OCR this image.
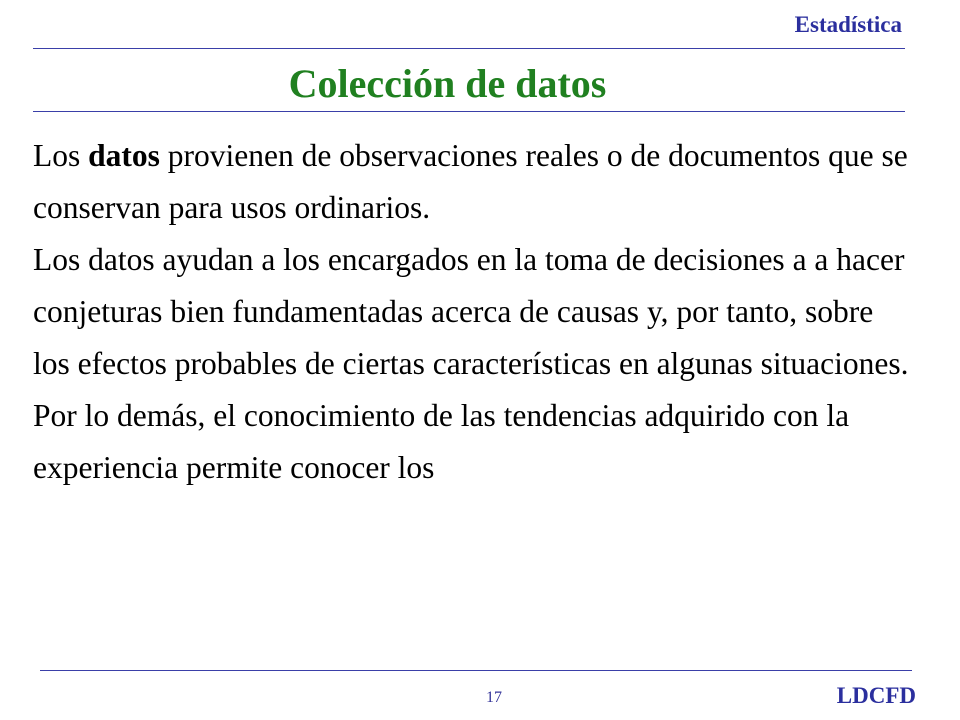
Estadística
Colección de datos

Los datos provienen de observaciones reales o de documentos que se conservan para usos ordinarios.

Los datos ayudan a los encargados en la toma de decisiones a a hacer conjeturas bien fundamentadas acerca de causas y, por tanto, sobre los efectos probables de ciertas características en algunas situaciones. Por lo demás, el conocimiento de las tendencias adquirido con la experiencia permite conocer los

17	LDCFD
